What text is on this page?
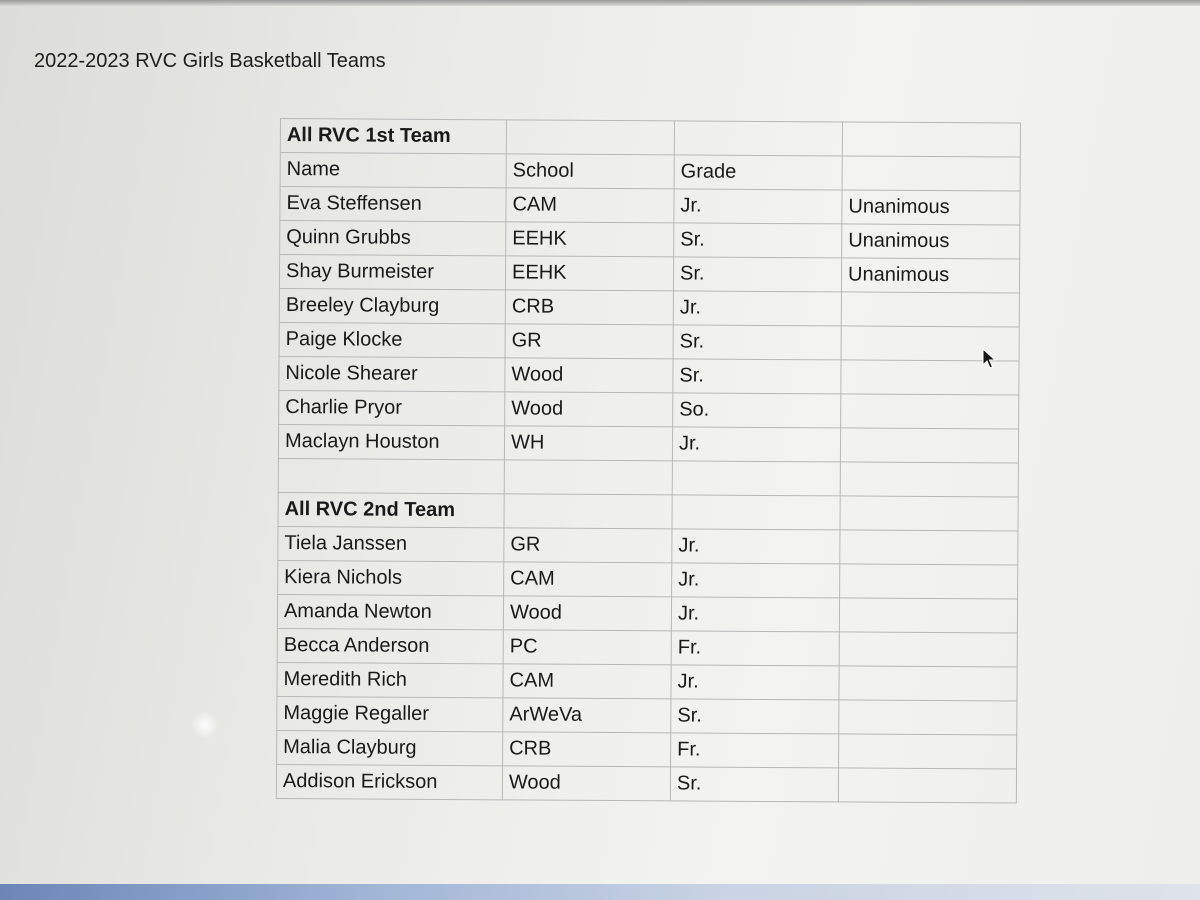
2022-2023 RVC Girls Basketball Teams
All RVC 1st Team			
Name	School	Grade	
Eva Steffensen	CAM	Jr.	Unanimous
Quinn Grubbs	EEHK	Sr.	Unanimous
Shay Burmeister	EEHK	Sr.	Unanimous
Breeley Clayburg	CRB	Jr.	
Paige Klocke	GR	Sr.	
Nicole Shearer	Wood	Sr.	
Charlie Pryor	Wood	So.	
Maclayn Houston	WH	Jr.	

All RVC 2nd Team			
Tiela Janssen	GR	Jr.	
Kiera Nichols	CAM	Jr.	
Amanda Newton	Wood	Jr.	
Becca Anderson	PC	Fr.	
Meredith Rich	CAM	Jr.	
Maggie Regaller	ArWeVa	Sr.	
Malia Clayburg	CRB	Fr.	
Addison Erickson	Wood	Sr.	
